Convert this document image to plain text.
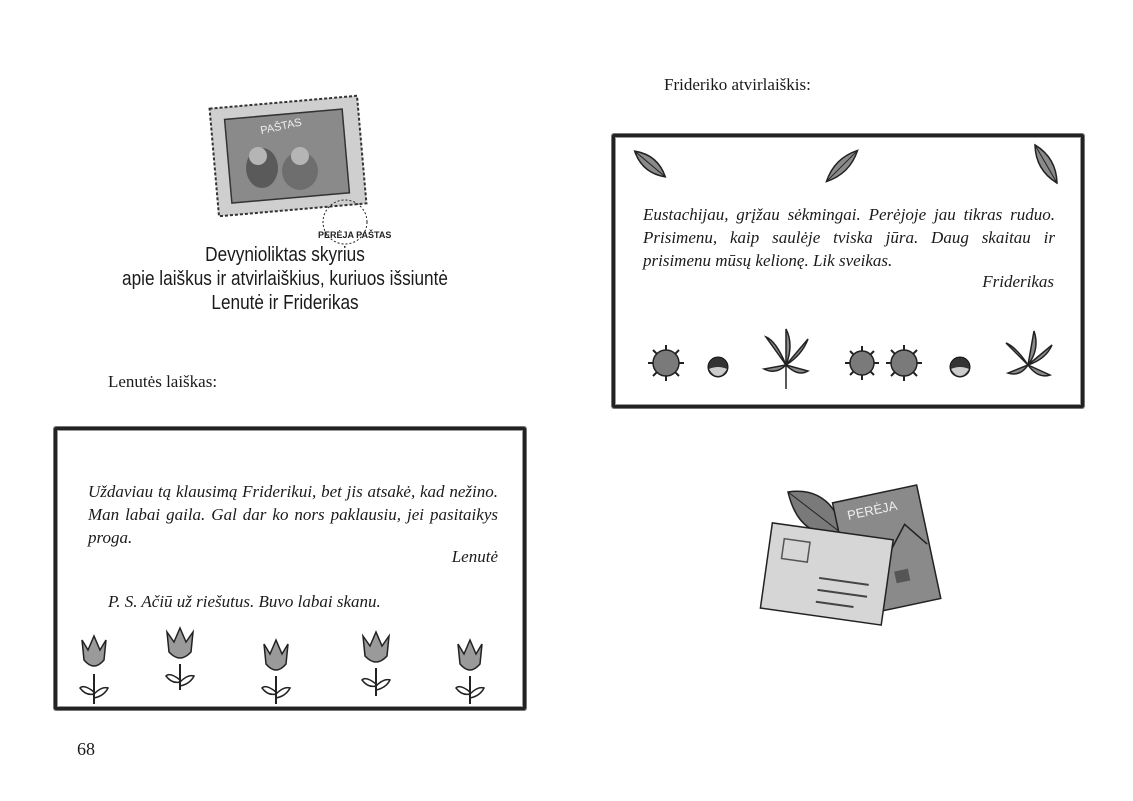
PAŠTAS
PERĖJA PAŠTAS
Devynioliktas skyrius
apie laiškus ir atvirlaiškius, kuriuos išsiuntė
Lenutė ir Friderikas
Lenutės laiškas:
Uždaviau tą klausimą Friderikui, bet jis atsakė, kad nežino. Man labai gaila. Gal dar ko nors paklausiu, jei pasitaikys proga.
Lenutė
P. S. Ačiū už riešutus. Buvo labai skanu.
68
Frideriko atvirlaiškis:
Eustachijau, grįžau sėkmingai. Perėjoje jau tikras ruduo. Prisimenu, kaip saulėje tviska jūra. Daug skaitau ir prisimenu mūsų kelionę. Lik sveikas.
Friderikas
PERĖJA
